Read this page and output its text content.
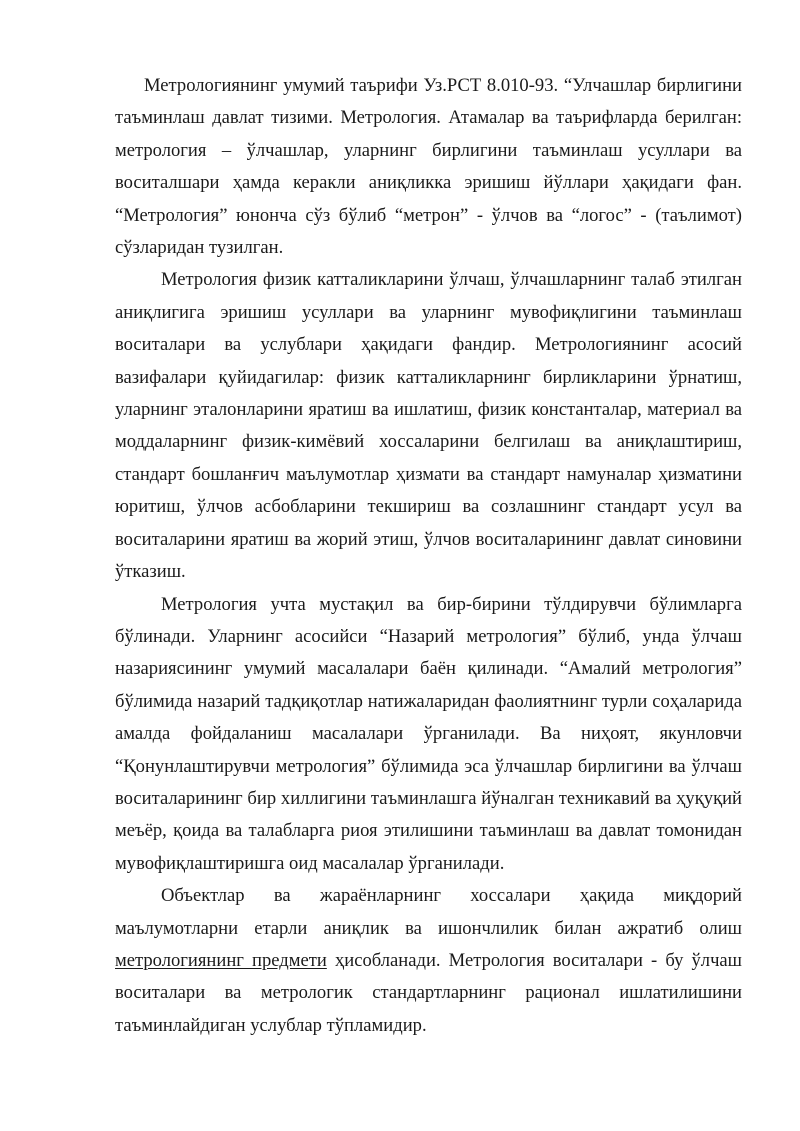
Метрологиянинг умумий таърифи Уз.РСТ 8.010-93. “Улчашлар бирлигини таъминлаш давлат тизими. Метрология. Атамалар ва таърифларда берилган: метрология – ўлчашлар, уларнинг бирлигини таъминлаш усуллари ва воситалшари ҳамда керакли аниқликка эришиш йўллари ҳақидаги фан. “Метрология” юнонча сўз бўлиб “метрон” - ўлчов ва “логос” - (таълимот) сўзларидан тузилган.

Метрология физик катталикларини ўлчаш, ўлчашларнинг талаб этилган аниқлигига эришиш усуллари ва уларнинг мувофиқлигини таъминлаш воситалари ва услублари ҳақидаги фандир. Метрологиянинг асосий вазифалари қуйидагилар: физик катталикларнинг бирликларини ўрнатиш, уларнинг эталонларини яратиш ва ишлатиш, физик константалар, материал ва моддаларнинг физик-кимёвий хоссаларини белгилаш ва аниқлаштириш, стандарт бошланғич маълумотлар ҳизмати ва стандарт намуналар ҳизматини юритиш, ўлчов асбобларини текшириш ва созлашнинг стандарт усул ва воситаларини яратиш ва жорий этиш, ўлчов воситаларининг давлат синовини ўтказиш.

Метрология учта мустақил ва бир-бирини тўлдирувчи бўлимларга бўлинади. Уларнинг асосийси “Назарий метрология” бўлиб, унда ўлчаш назариясининг умумий масалалари баён қилинади. “Амалий метрология” бўлимида назарий тадқиқотлар натижаларидан фаолиятнинг турли соҳаларида амалда фойдаланиш масалалари ўрганилади. Ва ниҳоят, якунловчи “Қонунлаштирувчи метрология” бўлимида эса ўлчашлар бирлигини ва ўлчаш воситаларининг бир хиллигини таъминлашга йўналган техникавий ва ҳуқуқий меъёр, қоида ва талабларга риоя этилишини таъминлаш ва давлат томонидан мувофиқлаштиришга оид масалалар ўрганилади.

Объектлар ва жараёнларнинг хоссалари ҳақида миқдорий маълумотларни етарли аниқлик ва ишончлилик билан ажратиб олиш метрологиянинг предмети ҳисобланади. Метрология воситалари - бу ўлчаш воситалари ва метрологик стандартларнинг рационал ишлатилишини таъминлайдиган услублар тўпламидир.
